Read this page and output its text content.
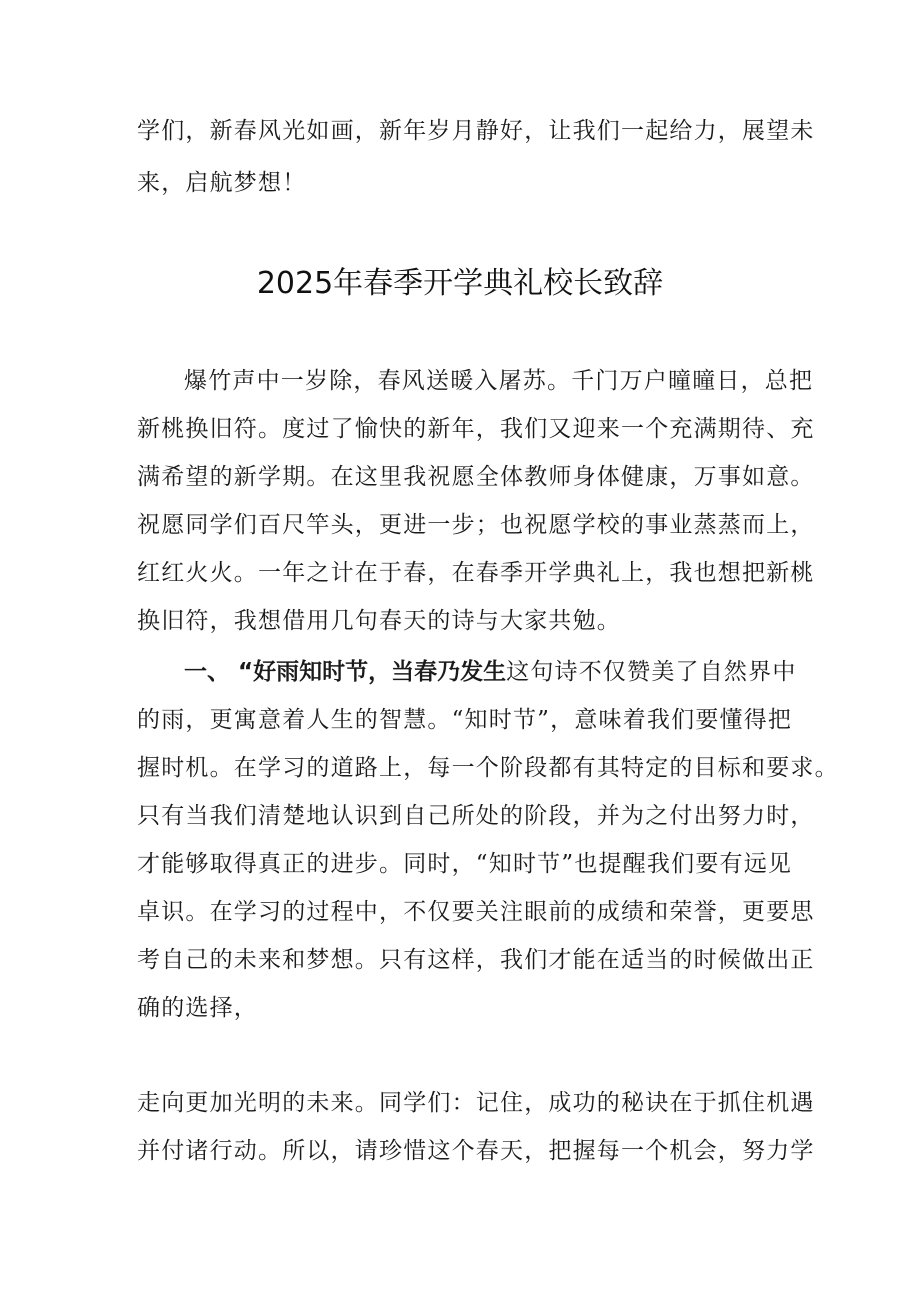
学们，新春风光如画，新年岁月静好，让我们一起给力，展望未
来，启航梦想！
2025年春季开学典礼校长致辞
爆竹声中一岁除，春风送暖入屠苏。千门万户曈曈日，总把
新桃换旧符。度过了愉快的新年，我们又迎来一个充满期待、充
满希望的新学期。在这里我祝愿全体教师身体健康，万事如意。
祝愿同学们百尺竿头，更进一步；也祝愿学校的事业蒸蒸而上，
红红火火。一年之计在于春，在春季开学典礼上，我也想把新桃
换旧符，我想借用几句春天的诗与大家共勉。
一、 “好雨知时节，当春乃发生这句诗不仅赞美了自然界中
的雨，更寓意着人生的智慧。“知时节”，意味着我们要懂得把
握时机。在学习的道路上，每一个阶段都有其特定的目标和要求。
只有当我们清楚地认识到自己所处的阶段，并为之付出努力时，
才能够取得真正的进步。同时，“知时节”也提醒我们要有远见
卓识。在学习的过程中，不仅要关注眼前的成绩和荣誉，更要思
考自己的未来和梦想。只有这样，我们才能在适当的时候做出正
确的选择，
走向更加光明的未来。同学们：记住，成功的秘诀在于抓住机遇
并付诸行动。所以，请珍惜这个春天，把握每一个机会，努力学
